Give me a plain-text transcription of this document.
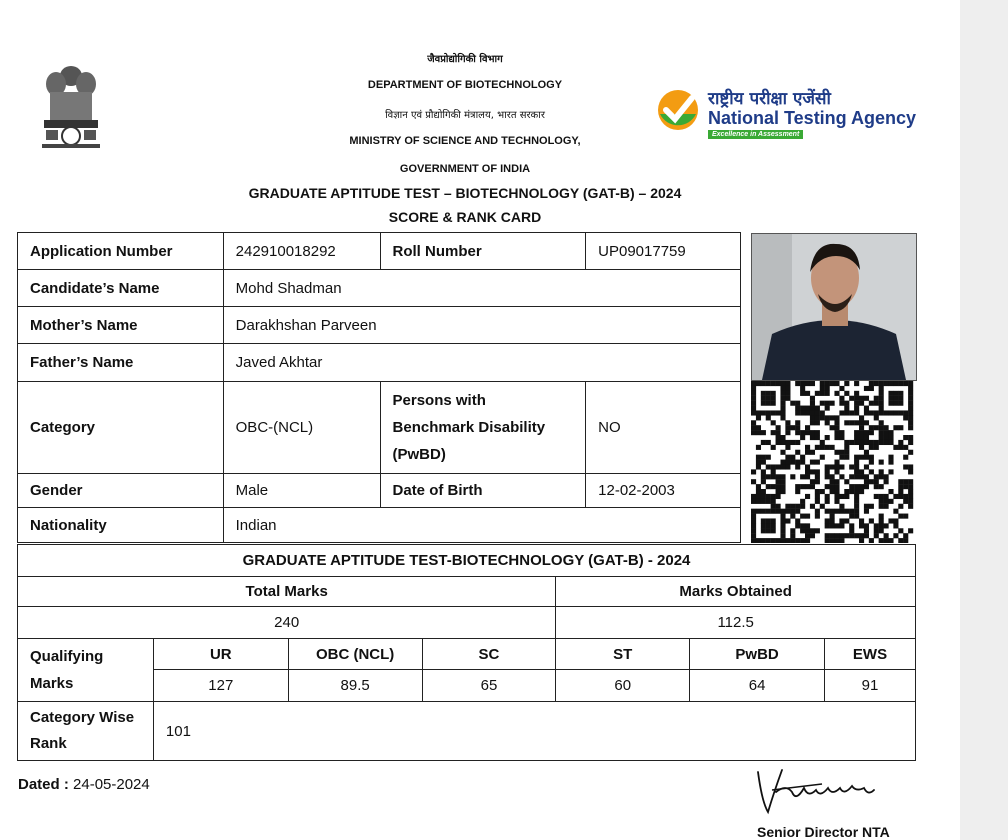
जैवप्रोद्योगिकी विभाग
DEPARTMENT OF BIOTECHNOLOGY
विज्ञान एवं प्रौद्योगिकी मंत्रालय, भारत सरकार
MINISTRY OF SCIENCE AND TECHNOLOGY,
GOVERNMENT OF INDIA
GRADUATE APTITUDE TEST – BIOTECHNOLOGY (GAT-B) – 2024
SCORE & RANK CARD
राष्ट्रीय परीक्षा एजेंसी
National Testing Agency
Excellence in Assessment
Application Number	242910018292	Roll Number	UP09017759
Candidate’s Name	Mohd Shadman		
Mother’s Name	Darakhshan Parveen		
Father’s Name	Javed Akhtar		
Category	OBC-(NCL)	Persons with
Benchmark Disability
(PwBD)	NO
Gender	Male	Date of Birth	12-02-2003
Nationality	Indian		
GRADUATE APTITUDE TEST-BIOTECHNOLOGY (GAT-B) - 2024						
Total Marks				Marks Obtained		
240				112.5		

Qualifying
Marks	UR	OBC (NCL)	SC	ST	PwBD	EWS
	127	89.5	65	60	64	91

Category Wise
Rank	101					
Dated : 24-05-2024
Senior Director NTA
